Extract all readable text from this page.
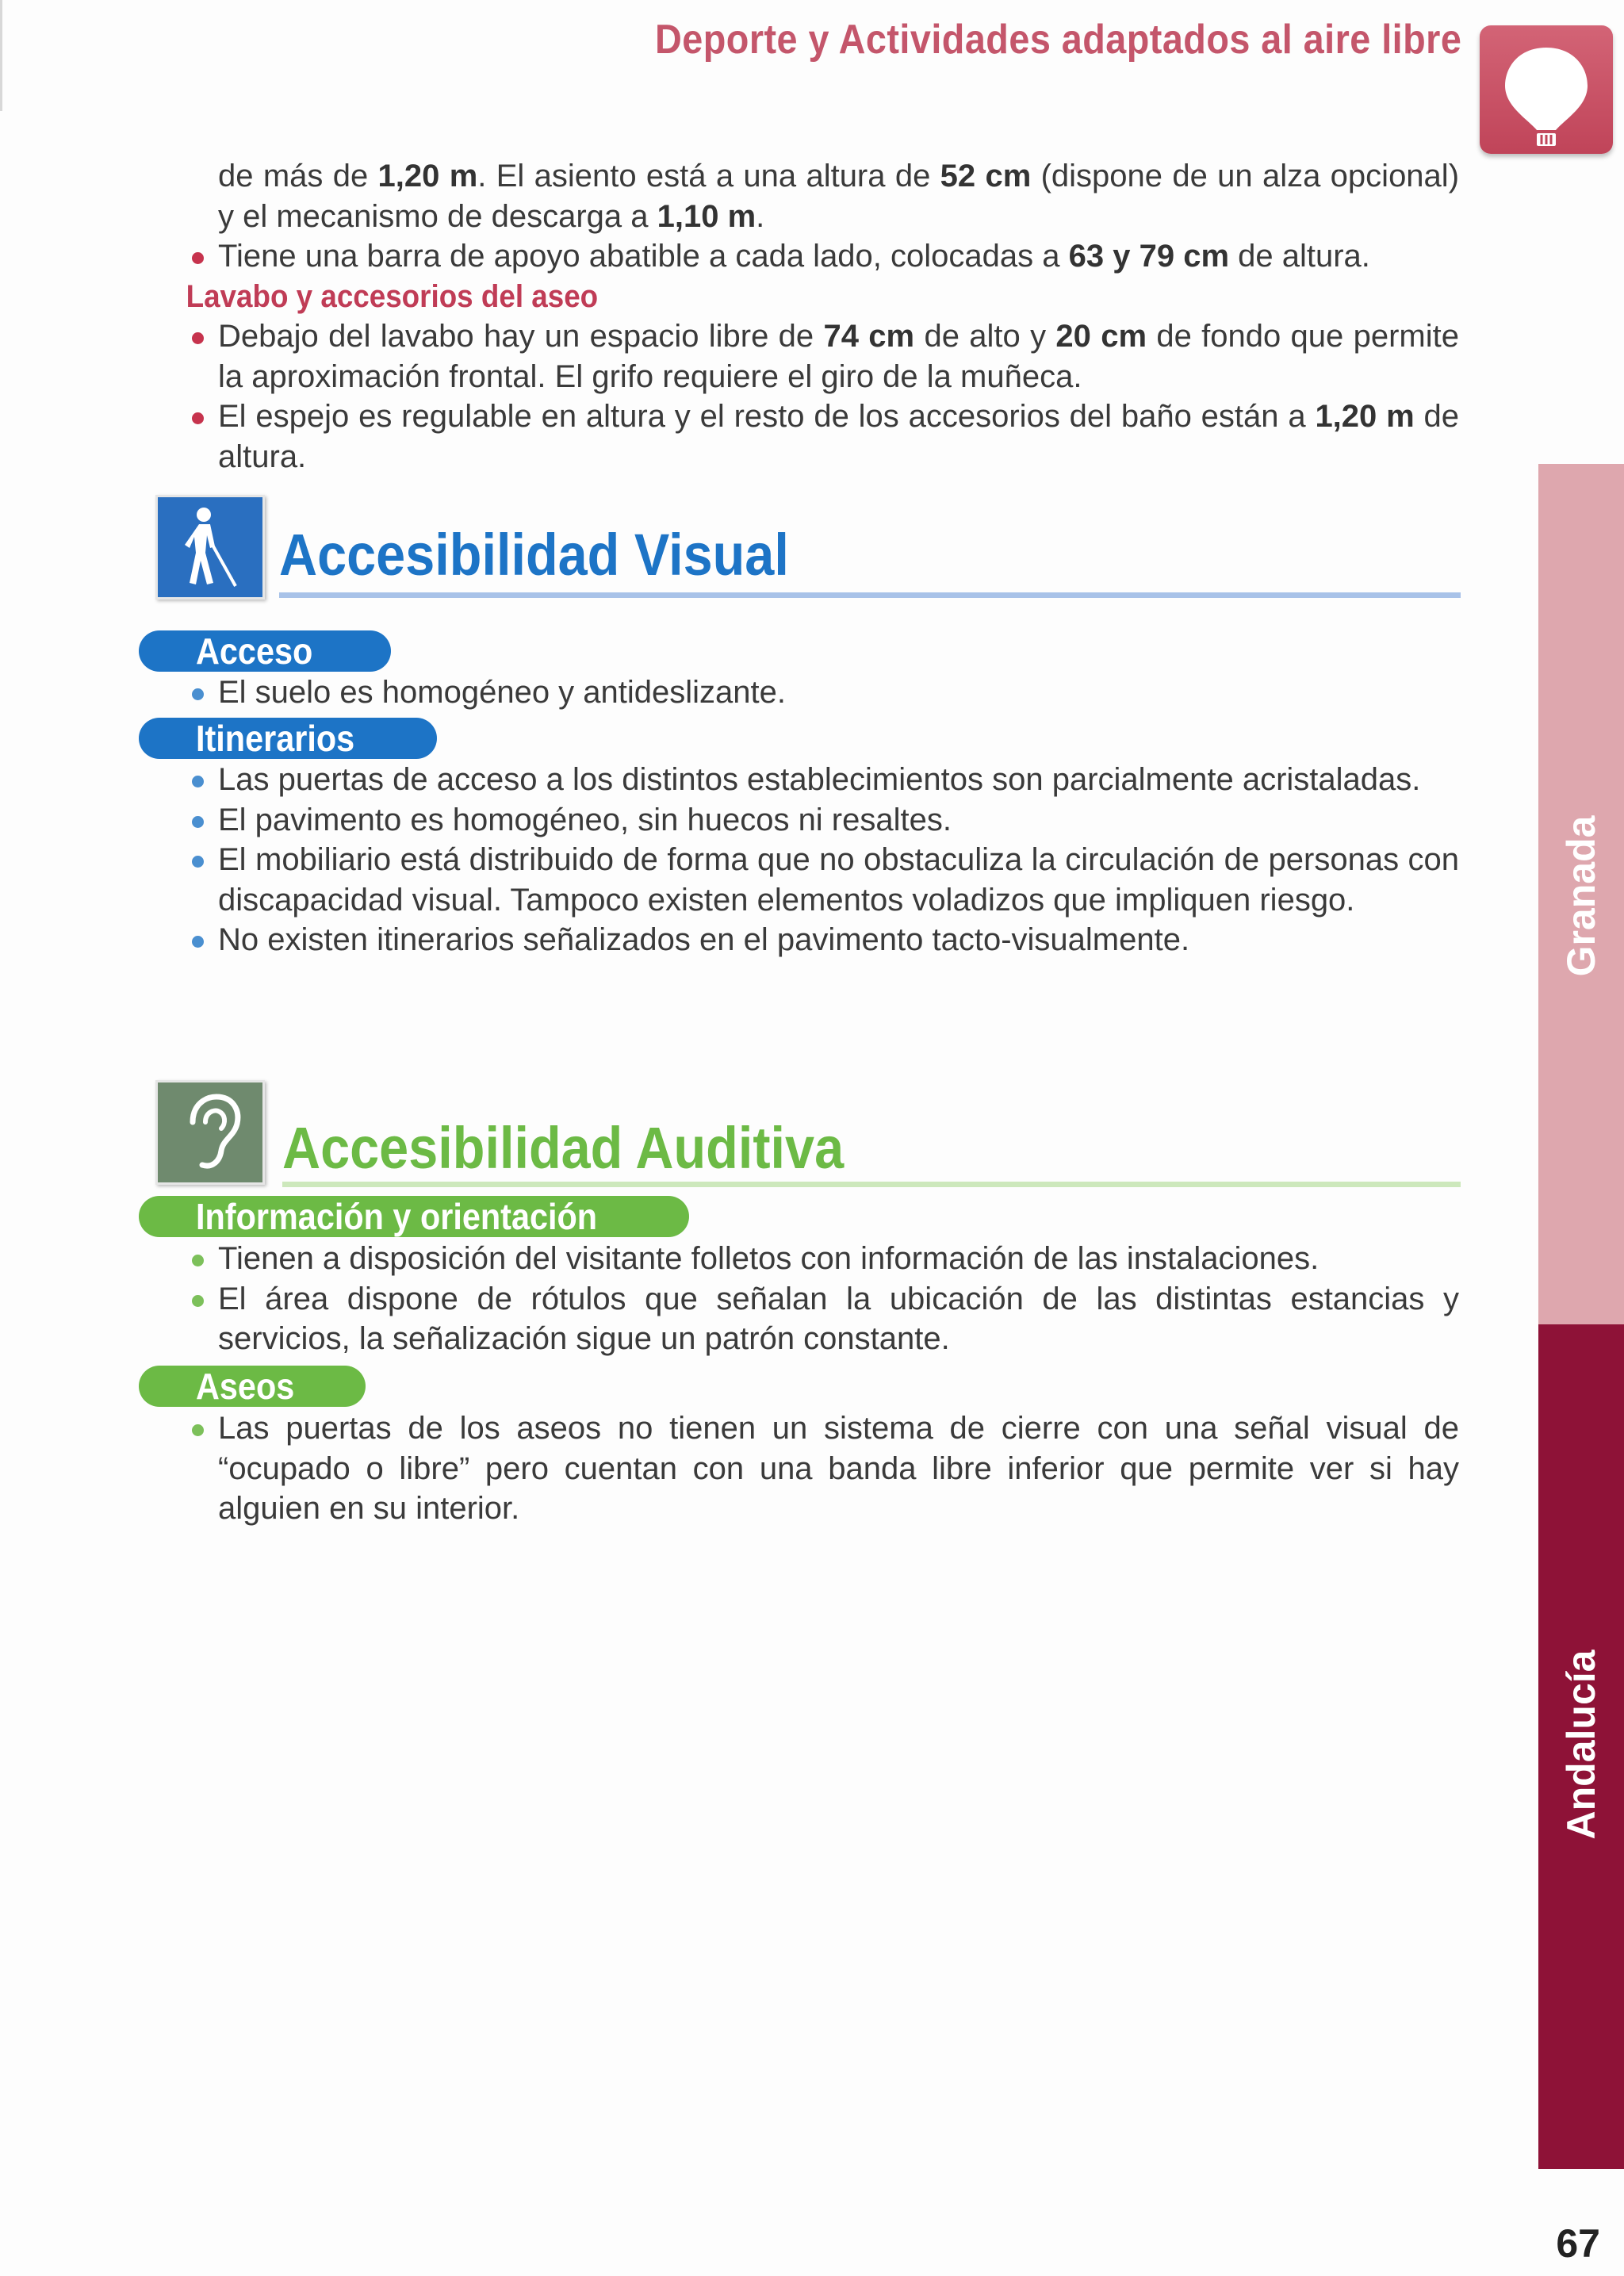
Deporte y Actividades adaptados al aire libre
Granada
Andalucía
67
de más de 1,20 m. El asiento está a una altura de 52 cm (dispone de un alza opcional) y el mecanismo de descarga a 1,10 m.
Tiene una barra de apoyo abatible a cada lado, colocadas a 63 y 79 cm de altura.
Lavabo y accesorios del aseo
Debajo del lavabo hay un espacio libre de 74 cm de alto y 20 cm de fondo que permite la aproximación frontal. El grifo requiere el giro de la muñeca.
El espejo es regulable en altura y el resto de los accesorios del baño están a 1,20 m de altura.
Accesibilidad Visual
Acceso
El suelo es homogéneo y antideslizante.
Itinerarios
Las puertas de acceso a los distintos establecimientos son parcialmente acristaladas.
El pavimento es homogéneo, sin huecos ni resaltes.
El mobiliario está distribuido de forma que no obstaculiza la circulación de personas con discapacidad visual. Tampoco existen elementos voladizos que impliquen riesgo.
No existen itinerarios señalizados en el pavimento tacto-visualmente.
Accesibilidad Auditiva
Información y orientación
Tienen a disposición del visitante folletos con información de las instalaciones.
El área dispone de rótulos que señalan la ubicación de las distintas estancias y servicios, la señalización sigue un patrón constante.
Aseos
Las puertas de los aseos no tienen un sistema de cierre con una señal visual de “ocupado o libre” pero cuentan con una banda libre inferior que permite ver si hay alguien en su interior.
